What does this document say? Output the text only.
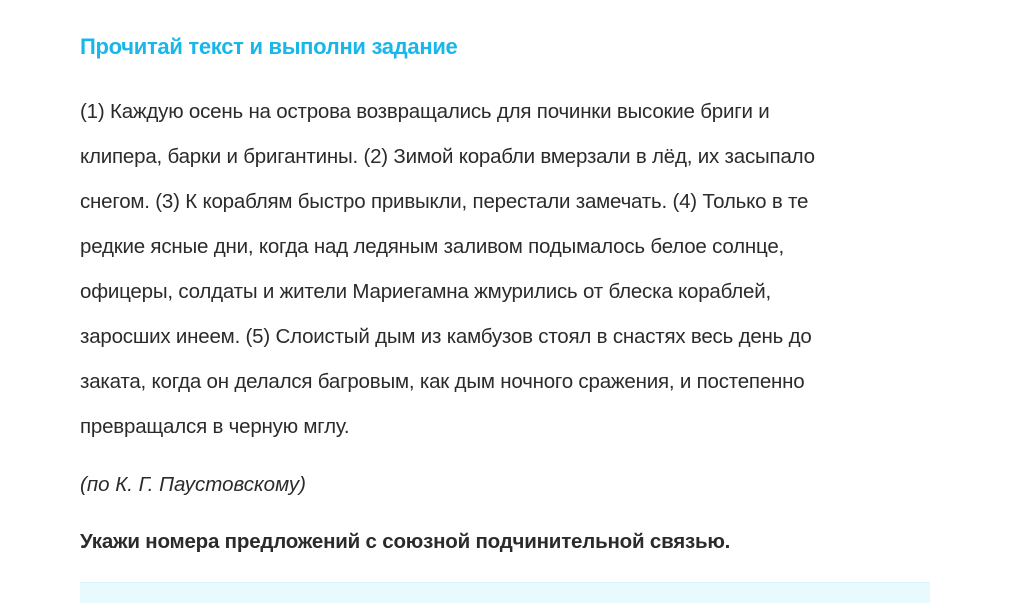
Прочитай текст и выполни задание

(1) Каждую осень на острова возвращались для починки высокие бриги и
клипера, барки и бригантины. (2) Зимой корабли вмерзали в лёд, их засыпало
снегом. (3) К кораблям быстро привыкли, перестали замечать. (4) Только в те
редкие ясные дни, когда над ледяным заливом подымалось белое солнце,
офицеры, солдаты и жители Мариегамна жмурились от блеска кораблей,
заросших инеем. (5) Слоистый дым из камбузов стоял в снастях весь день до
заката, когда он делался багровым, как дым ночного сражения, и постепенно
превращался в черную мглу.

(по К. Г. Паустовскому)

Укажи номера предложений с союзной подчинительной связью.
